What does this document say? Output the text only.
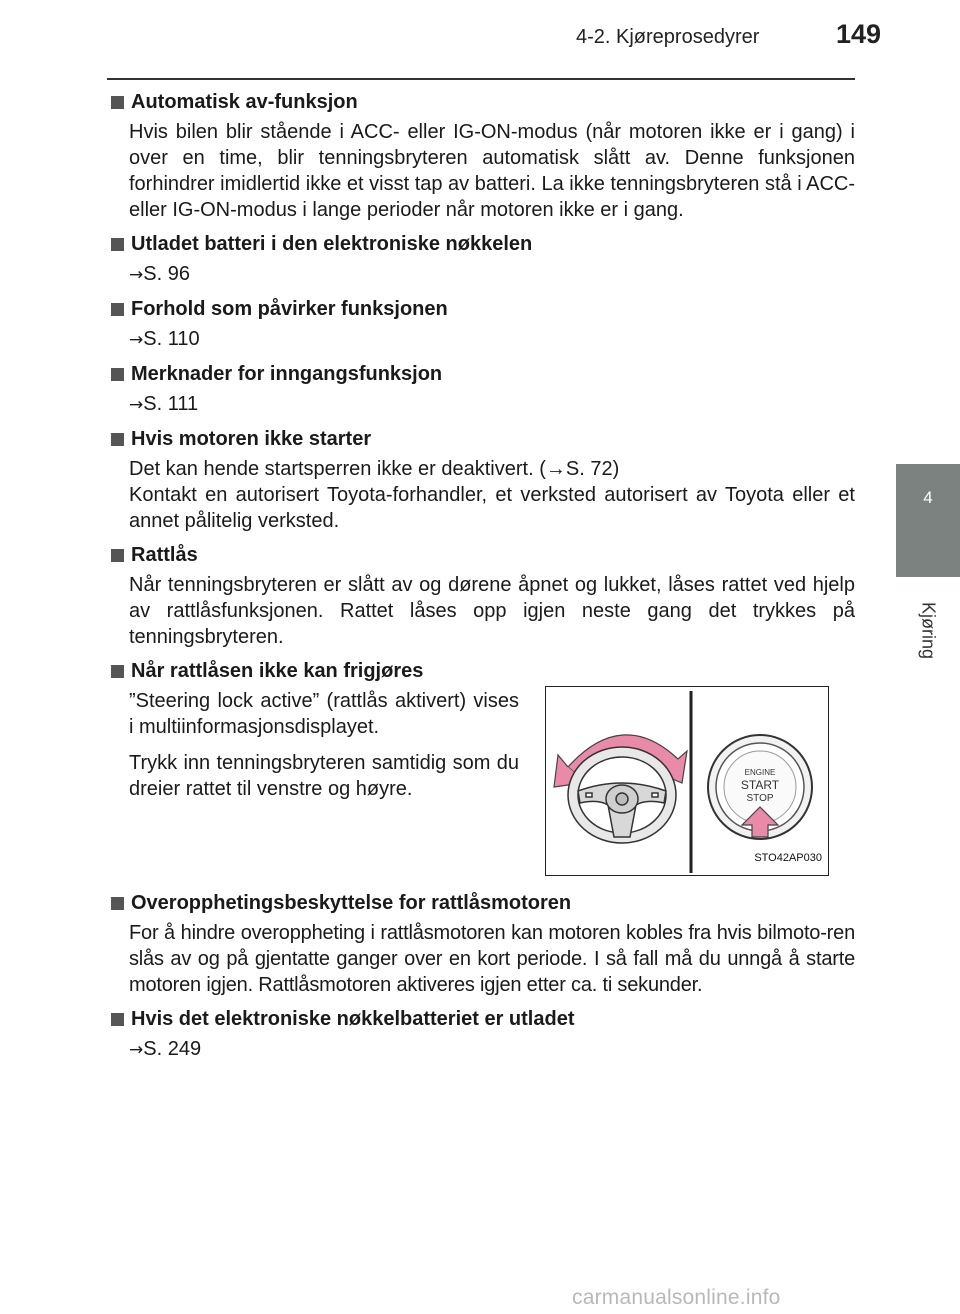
4-2. Kjøreprosedyrer	149
4
Kjøring
Automatisk av-funksjon

Hvis bilen blir stående i ACC- eller IG-ON-modus (når motoren ikke er i gang) i over en time, blir tenningsbryteren automatisk slått av. Denne funksjonen forhindrer imidlertid ikke et visst tap av batteri. La ikke tenningsbryteren stå i ACC- eller IG-ON-modus i lange perioder når motoren ikke er i gang.

Utladet batteri i den elektroniske nøkkelen
→S. 96
Forhold som påvirker funksjonen
→S. 110
Merknader for inngangsfunksjon
→S. 111
Hvis motoren ikke starter

Det kan hende startsperren ikke er deaktivert. (→S. 72)

Kontakt en autorisert Toyota-forhandler, et verksted autorisert av Toyota eller et annet pålitelig verksted.

Rattlås

Når tenningsbryteren er slått av og dørene åpnet og lukket, låses rattet ved hjelp av rattlåsfunksjonen. Rattet låses opp igjen neste gang det trykkes på tenningsbryteren.

Når rattlåsen ikke kan frigjøres

”Steering lock active” (rattlås aktivert) vises i multiinformasjonsdisplayet.

Trykk inn tenningsbryteren samtidig som du dreier rattet til venstre og høyre.

ENGINE
START
STOP
STO42AP030
Overopphetingsbeskyttelse for rattlåsmotoren

For å hindre overoppheting i rattlåsmotoren kan motoren kobles fra hvis bilmoto-ren slås av og på gjentatte ganger over en kort periode. I så fall må du unngå å starte motoren igjen. Rattlåsmotoren aktiveres igjen etter ca. ti sekunder.

Hvis det elektroniske nøkkelbatteriet er utladet
→S. 249
carmanualsonline.info
